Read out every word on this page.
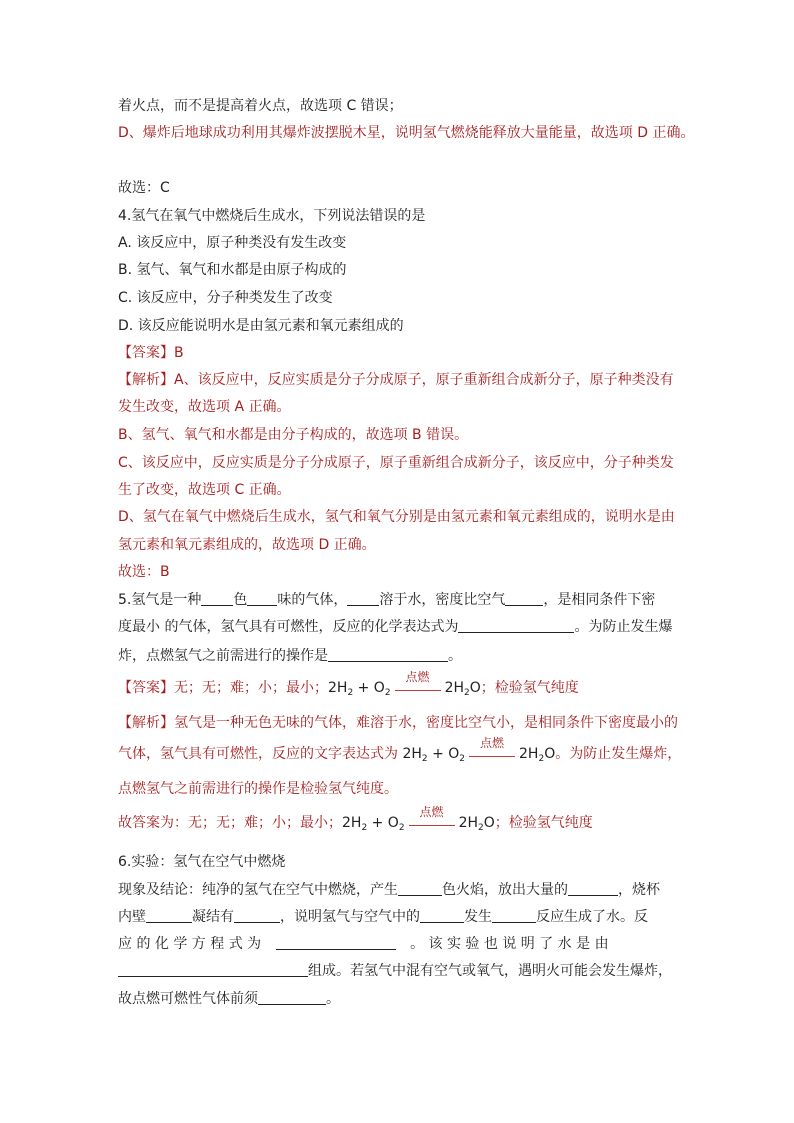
着火点，而不是提高着火点，故选项 C 错误；
D、爆炸后地球成功利用其爆炸波摆脱木星，说明氢气燃烧能释放大量能量，故选项 D 正确。
故选：C
4.氢气在氧气中燃烧后生成水，下列说法错误的是
A. 该反应中，原子种类没有发生改变
B. 氢气、氧气和水都是由原子构成的
C. 该反应中，分子种类发生了改变
D. 该反应能说明水是由氢元素和氧元素组成的
【答案】B
【解析】A、该反应中，反应实质是分子分成原子，原子重新组合成新分子，原子种类没有
发生改变，故选项 A 正确。
B、氢气、氧气和水都是由分子构成的，故选项 B 错误。
C、该反应中，反应实质是分子分成原子，原子重新组合成新分子，该反应中，分子种类发
生了改变，故选项 C 正确。
D、氢气在氧气中燃烧后生成水，氢气和氧气分别是由氢元素和氧元素组成的，说明水是由
氢元素和氧元素组成的，故选项 D 正确。
故选：B
5.氢气是一种 色 味的气体， 溶于水，密度比空气	，是相同条件下密
度最小 的气体，氢气具有可燃性，反应的化学表达式为	。为防止发生爆
炸，点燃氢气之前需进行的操作是	。
【答案】无；无；难；小；最小；$2H_2 + O_2$
点燃
$2H_2O$；检验氢气纯度
【解析】氢气是一种无色无味的气体，难溶于水，密度比空气小，是相同条件下密度最小的
气体，氢气具有可燃性，反应的文字表达式为 $2H_2 + O_2$
点燃
$2H_2O$。为防止发生爆炸，
点燃氢气之前需进行的操作是检验氢气纯度。
故答案为：无；无；难；小；最小；$2H_2 + O_2$
点燃
$2H_2O$；检验氢气纯度
6.实验：氢气在空气中燃烧
现象及结论：纯净的氢气在空气中燃烧，产生	色火焰，放出大量的	，烧杯
内壁	凝结有	，说明氢气与空气中的	发生	反应生成了水。反
应 的 化 学 方 程 式 为	。 该 实 验 也 说 明 了 水 是 由
组成。若氢气中混有空气或氧气，遇明火可能会发生爆炸，
故点燃可燃性气体前须	。
